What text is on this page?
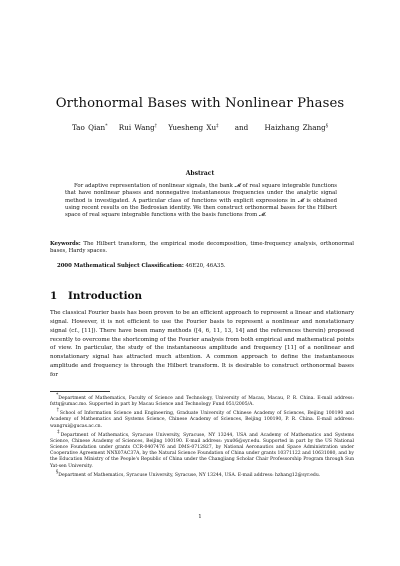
Orthonormal Bases with Nonlinear Phases
Tao Qian* Rui Wang† Yuesheng Xu‡ and Haizhang Zhang§
Abstract
For adaptive representation of nonlinear signals, the bank 𝓜 of real square integrable functions that have nonlinear phases and nonnegative instantaneous frequencies under the analytic signal method is investigated. A particular class of functions with explicit expressions in 𝓜 is obtained using recent results on the Bedrosian identity. We then construct orthonormal bases for the Hilbert space of real square integrable functions with the basis functions from 𝓜.
Keywords: The Hilbert transform, the empirical mode decomposition, time-frequency analysis, orthonormal bases, Hardy spaces.
2000 Mathematical Subject Classification: 46E20, 46A35.
1 Introduction
The classical Fourier basis has been proven to be an efficient approach to represent a linear and stationary signal. However, it is not efficient to use the Fourier basis to represent a nonlinear and nonstationary signal (cf., [11]). There have been many methods ([4, 6, 11, 13, 14] and the references therein) proposed recently to overcome the shortcoming of the Fourier analysis from both empirical and mathematical points of view. In particular, the study of the instantaneous amplitude and frequency [11] of a nonlinear and nonstationary signal has attracted much attention. A common approach to define the instantaneous amplitude and frequency is through the Hilbert transform. It is desirable to construct orthonormal bases for
*Department of Mathematics, Faculty of Science and Technology, University of Macau, Macau, P. R. China. E-mail address: fsttq@umac.mo. Supported in part by Macau Science and Technology Fund 051/2005/A.
†School of Information Science and Engineering, Graduate University of Chinese Academy of Sciences, Beijing 100190 and Academy of Mathematics and Systems Science, Chinese Academy of Sciences, Beijing 100190, P. R. China. E-mail address: wangrui@gucas.ac.cn.
‡Department of Mathematics, Syracuse University, Syracuse, NY 13244, USA and Academy of Mathematics and Systems Science, Chinese Academy of Sciences, Beijing 100190. E-mail address: yxu06@syr.edu. Supported in part by the US National Science Foundation under grants CCR-0407476 and DMS-0712827, by National Aeronautics and Space Administration under Cooperative Agreement NNX07AC37A, by the Natural Science Foundation of China under grants 10371122 and 10631080, and by the Education Ministry of the People's Republic of China under the Changjiang Scholar Chair Professorship Program through Sun Yat-sen University.
§Department of Mathematics, Syracuse University, Syracuse, NY 13244, USA. E-mail address: hzhang12@syr.edu.
1
